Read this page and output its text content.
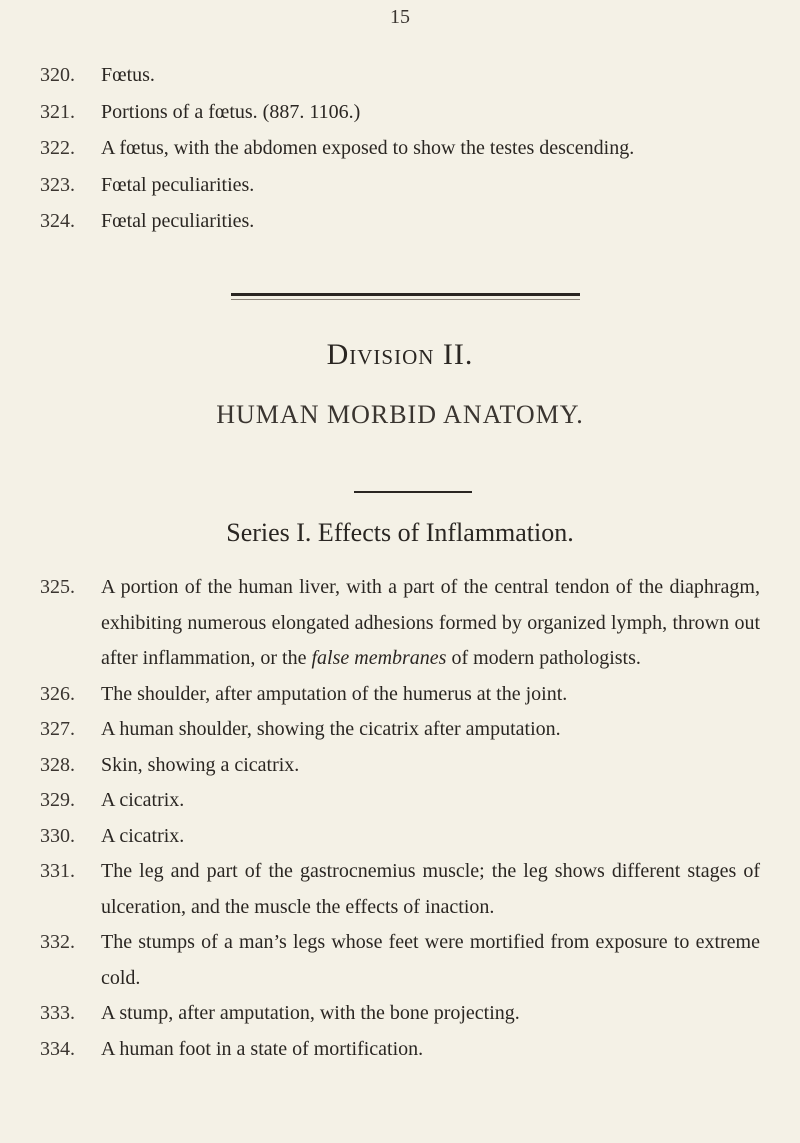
15
320.	Fœtus.
321.	Portions of a fœtus. (887. 1106.)
322.	A fœtus, with the abdomen exposed to show the testes descending.
323.	Fœtal peculiarities.
324.	Fœtal peculiarities.
Division II.
HUMAN MORBID ANATOMY.
Series I. Effects of Inflammation.
325.	A portion of the human liver, with a part of the central tendon of the diaphragm, exhibiting numerous elongated adhesions formed by organized lymph, thrown out after inflammation, or the false membranes of modern pathologists.
326.	The shoulder, after amputation of the humerus at the joint.
327.	A human shoulder, showing the cicatrix after amputation.
328.	Skin, showing a cicatrix.
329.	A cicatrix.
330.	A cicatrix.
331.	The leg and part of the gastrocnemius muscle; the leg shows different stages of ulceration, and the muscle the effects of inaction.
332.	The stumps of a man’s legs whose feet were mortified from exposure to extreme cold.
333.	A stump, after amputation, with the bone projecting.
334.	A human foot in a state of mortification.
